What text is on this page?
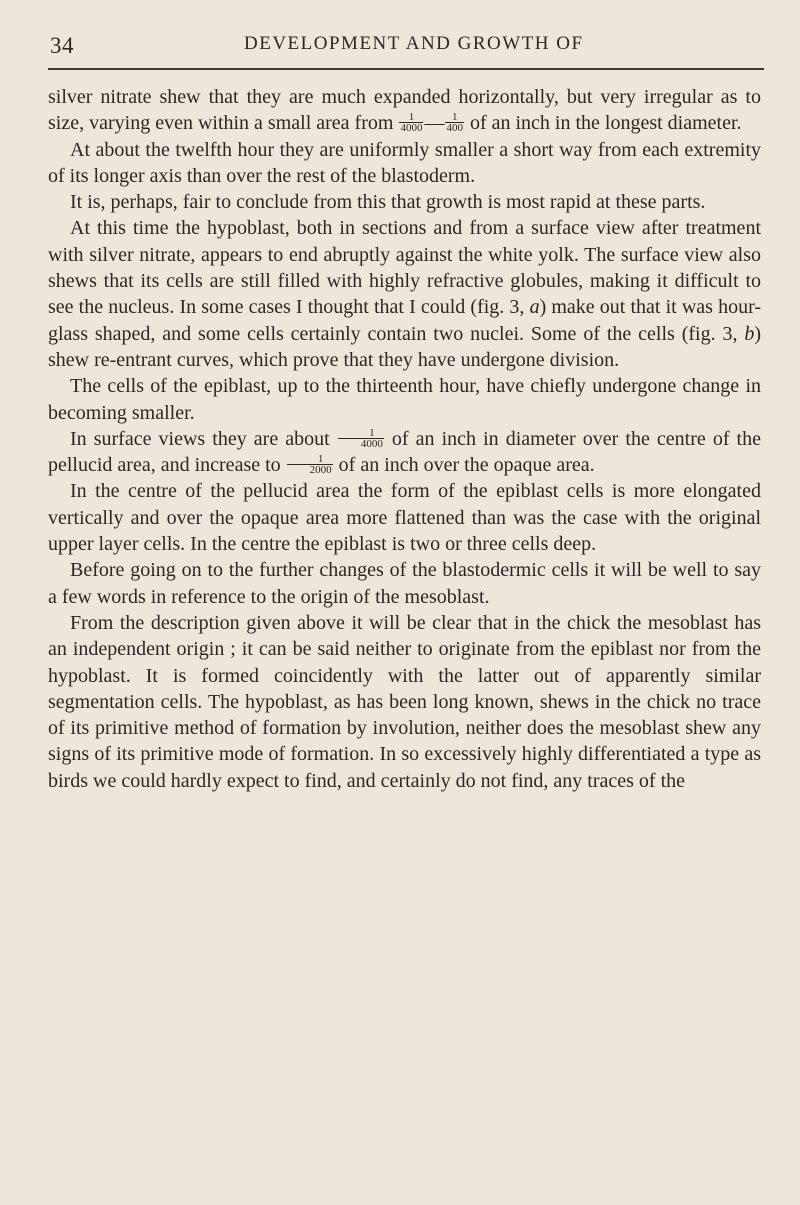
34	DEVELOPMENT AND GROWTH OF

silver nitrate shew that they are much expanded horizontally, but very irregular as to size, varying even within a small area from $\frac{1}{4000}$ — $\frac{1}{400}$ of an inch in the longest diameter.

At about the twelfth hour they are uniformly smaller a short way from each extremity of its longer axis than over the rest of the blastoderm.

It is, perhaps, fair to conclude from this that growth is most rapid at these parts.

At this time the hypoblast, both in sections and from a surface view after treatment with silver nitrate, appears to end abruptly against the white yolk. The surface view also shews that its cells are still filled with highly refractive globules, making it difficult to see the nucleus. In some cases I thought that I could (fig. 3, a) make out that it was hour-glass shaped, and some cells certainly contain two nuclei. Some of the cells (fig. 3, b) shew re-entrant curves, which prove that they have undergone division.

The cells of the epiblast, up to the thirteenth hour, have chiefly undergone change in becoming smaller.

In surface views they are about $\frac{1}{4000}$ of an inch in diameter over the centre of the pellucid area, and increase to $\frac{1}{2000}$ of an inch over the opaque area.

In the centre of the pellucid area the form of the epiblast cells is more elongated vertically and over the opaque area more flattened than was the case with the original upper layer cells. In the centre the epiblast is two or three cells deep.

Before going on to the further changes of the blastodermic cells it will be well to say a few words in reference to the origin of the mesoblast.

From the description given above it will be clear that in the chick the mesoblast has an independent origin ; it can be said neither to originate from the epiblast nor from the hypoblast. It is formed coincidently with the latter out of apparently similar segmentation cells. The hypoblast, as has been long known, shews in the chick no trace of its primitive method of formation by involution, neither does the mesoblast shew any signs of its primitive mode of formation. In so excessively highly differentiated a type as birds we could hardly expect to find, and certainly do not find, any traces of the
